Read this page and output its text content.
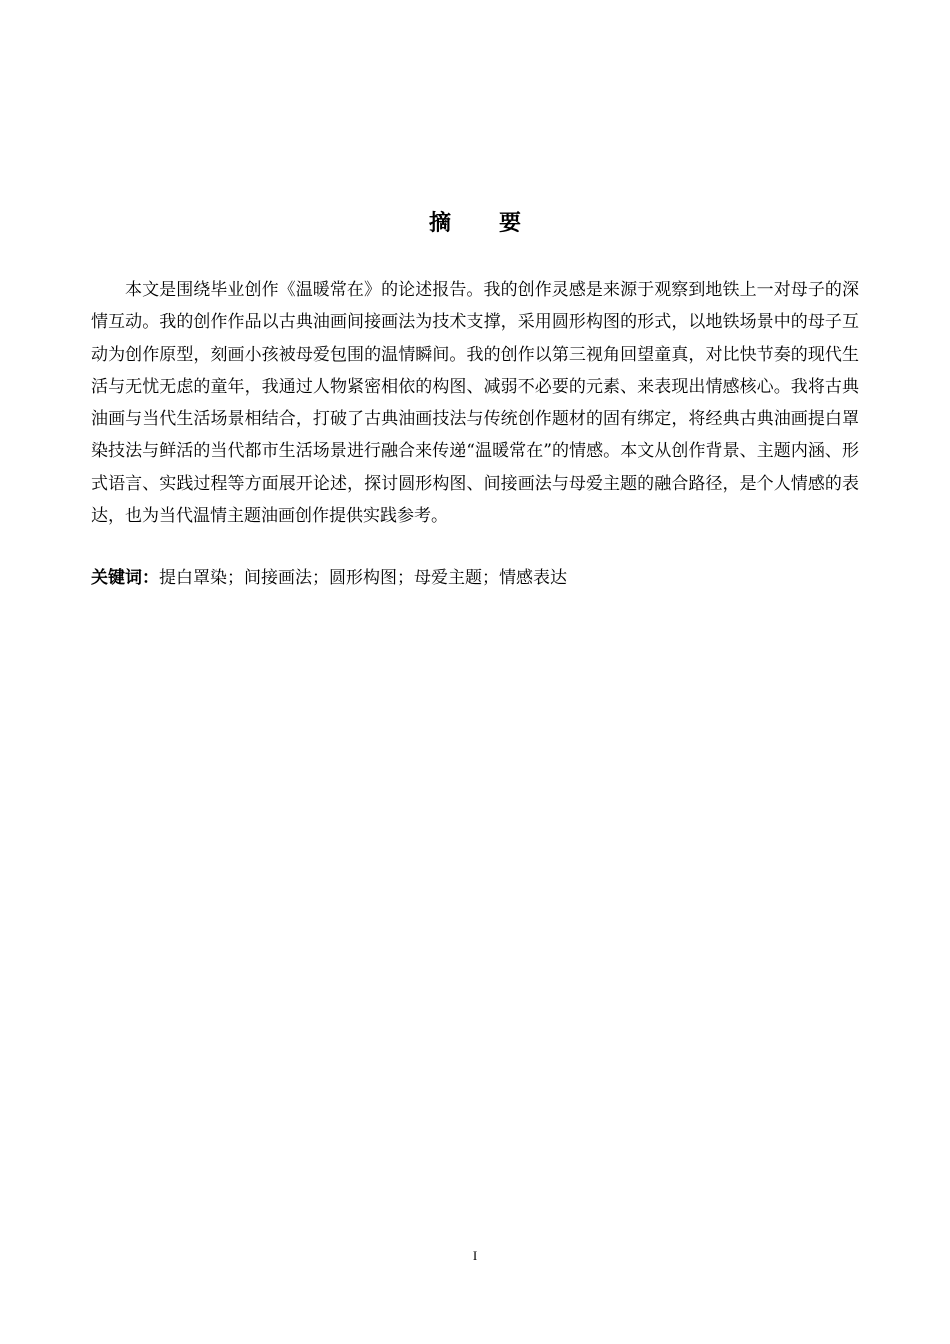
摘要

本文是围绕毕业创作《温暖常在》的论述报告。我的创作灵感是来源于观察到地铁上一对母子的深情互动。我的创作作品以古典油画间接画法为技术支撑，采用圆形构图的形式，以地铁场景中的母子互动为创作原型，刻画小孩被母爱包围的温情瞬间。我的创作以第三视角回望童真，对比快节奏的现代生活与无忧无虑的童年，我通过人物紧密相依的构图、减弱不必要的元素、来表现出情感核心。我将古典油画与当代生活场景相结合，打破了古典油画技法与传统创作题材的固有绑定，将经典古典油画提白罩染技法与鲜活的当代都市生活场景进行融合来传递“温暖常在”的情感。本文从创作背景、主题内涵、形式语言、实践过程等方面展开论述，探讨圆形构图、间接画法与母爱主题的融合路径，是个人情感的表达，也为当代温情主题油画创作提供实践参考。

关键词：提白罩染；间接画法；圆形构图；母爱主题；情感表达

I
